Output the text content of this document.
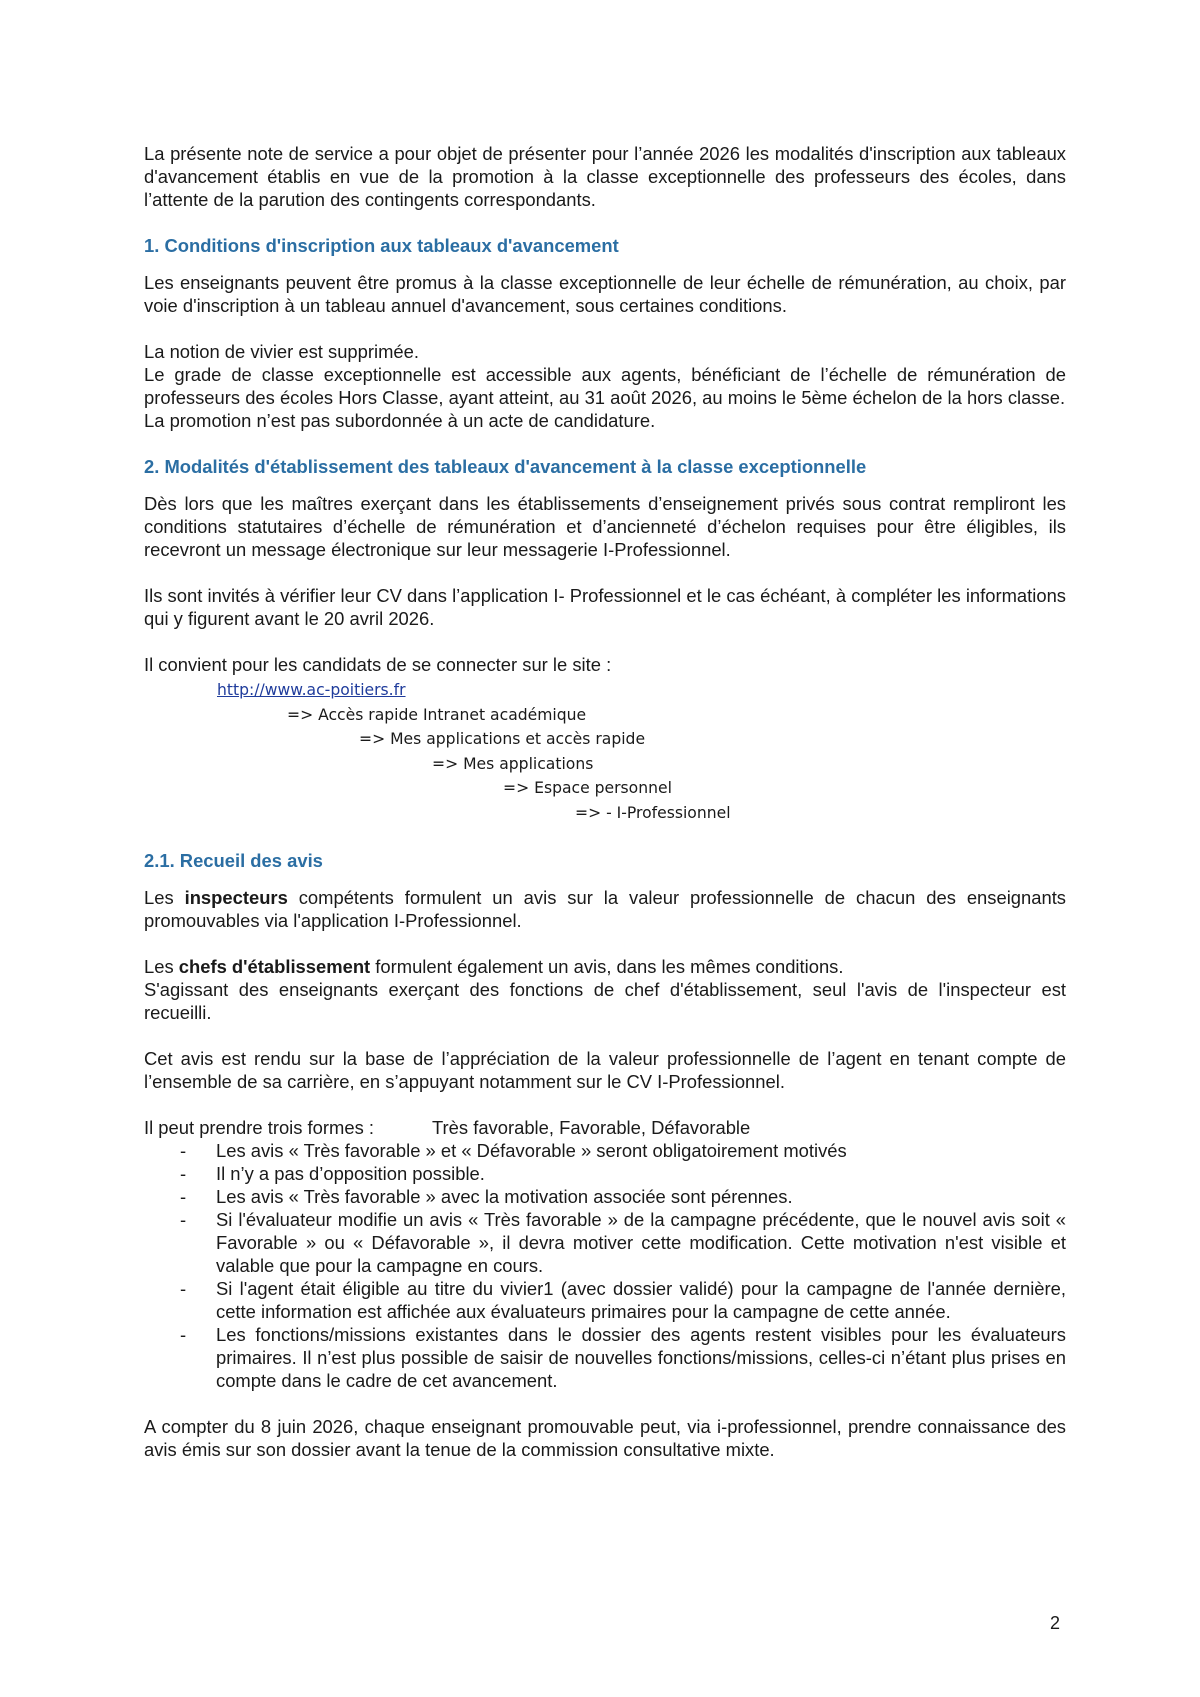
La présente note de service a pour objet de présenter pour l’année 2026 les modalités d'inscription aux tableaux d'avancement établis en vue de la promotion à la classe exceptionnelle des professeurs des écoles, dans l’attente de la parution des contingents correspondants.

1. Conditions d'inscription aux tableaux d'avancement

Les enseignants peuvent être promus à la classe exceptionnelle de leur échelle de rémunération, au choix, par voie d'inscription à un tableau annuel d'avancement, sous certaines conditions.

La notion de vivier est supprimée.

Le grade de classe exceptionnelle est accessible aux agents, bénéficiant de l’échelle de rémunération de professeurs des écoles Hors Classe, ayant atteint, au 31 août 2026, au moins le 5ème échelon de la hors classe.

La promotion n’est pas subordonnée à un acte de candidature.

2. Modalités d'établissement des tableaux d'avancement à la classe exceptionnelle

Dès lors que les maîtres exerçant dans les établissements d’enseignement privés sous contrat rempliront les conditions statutaires d’échelle de rémunération et d’ancienneté d’échelon requises pour être éligibles, ils recevront un message électronique sur leur messagerie I-Professionnel.

Ils sont invités à vérifier leur CV dans l’application I- Professionnel et le cas échéant, à compléter les informations qui y figurent avant le 20 avril 2026.

Il convient pour les candidats de se connecter sur le site :

http://www.ac-poitiers.fr
=> Accès rapide Intranet académique
=> Mes applications et accès rapide
=> Mes applications
=> Espace personnel
=> - I-Professionnel
2.1. Recueil des avis

Les inspecteurs compétents formulent un avis sur la valeur professionnelle de chacun des enseignants promouvables via l'application I-Professionnel.

Les chefs d'établissement formulent également un avis, dans les mêmes conditions.

S'agissant des enseignants exerçant des fonctions de chef d'établissement, seul l'avis de l'inspecteur est recueilli.

Cet avis est rendu sur la base de l’appréciation de la valeur professionnelle de l’agent en tenant compte de l’ensemble de sa carrière, en s’appuyant notamment sur le CV I-Professionnel.

Il peut prendre trois formes :	Très favorable, Favorable, Défavorable

- Les avis « Très favorable » et « Défavorable » seront obligatoirement motivés
- Il n’y a pas d’opposition possible.
- Les avis « Très favorable » avec la motivation associée sont pérennes.
- Si l'évaluateur modifie un avis « Très favorable » de la campagne précédente, que le nouvel avis soit « Favorable » ou « Défavorable », il devra motiver cette modification. Cette motivation n'est visible et valable que pour la campagne en cours.
- Si l'agent était éligible au titre du vivier1 (avec dossier validé) pour la campagne de l'année dernière, cette information est affichée aux évaluateurs primaires pour la campagne de cette année.
- Les fonctions/missions existantes dans le dossier des agents restent visibles pour les évaluateurs primaires. Il n’est plus possible de saisir de nouvelles fonctions/missions, celles-ci n’étant plus prises en compte dans le cadre de cet avancement.

A compter du 8 juin 2026, chaque enseignant promouvable peut, via i-professionnel, prendre connaissance des avis émis sur son dossier avant la tenue de la commission consultative mixte.

2
